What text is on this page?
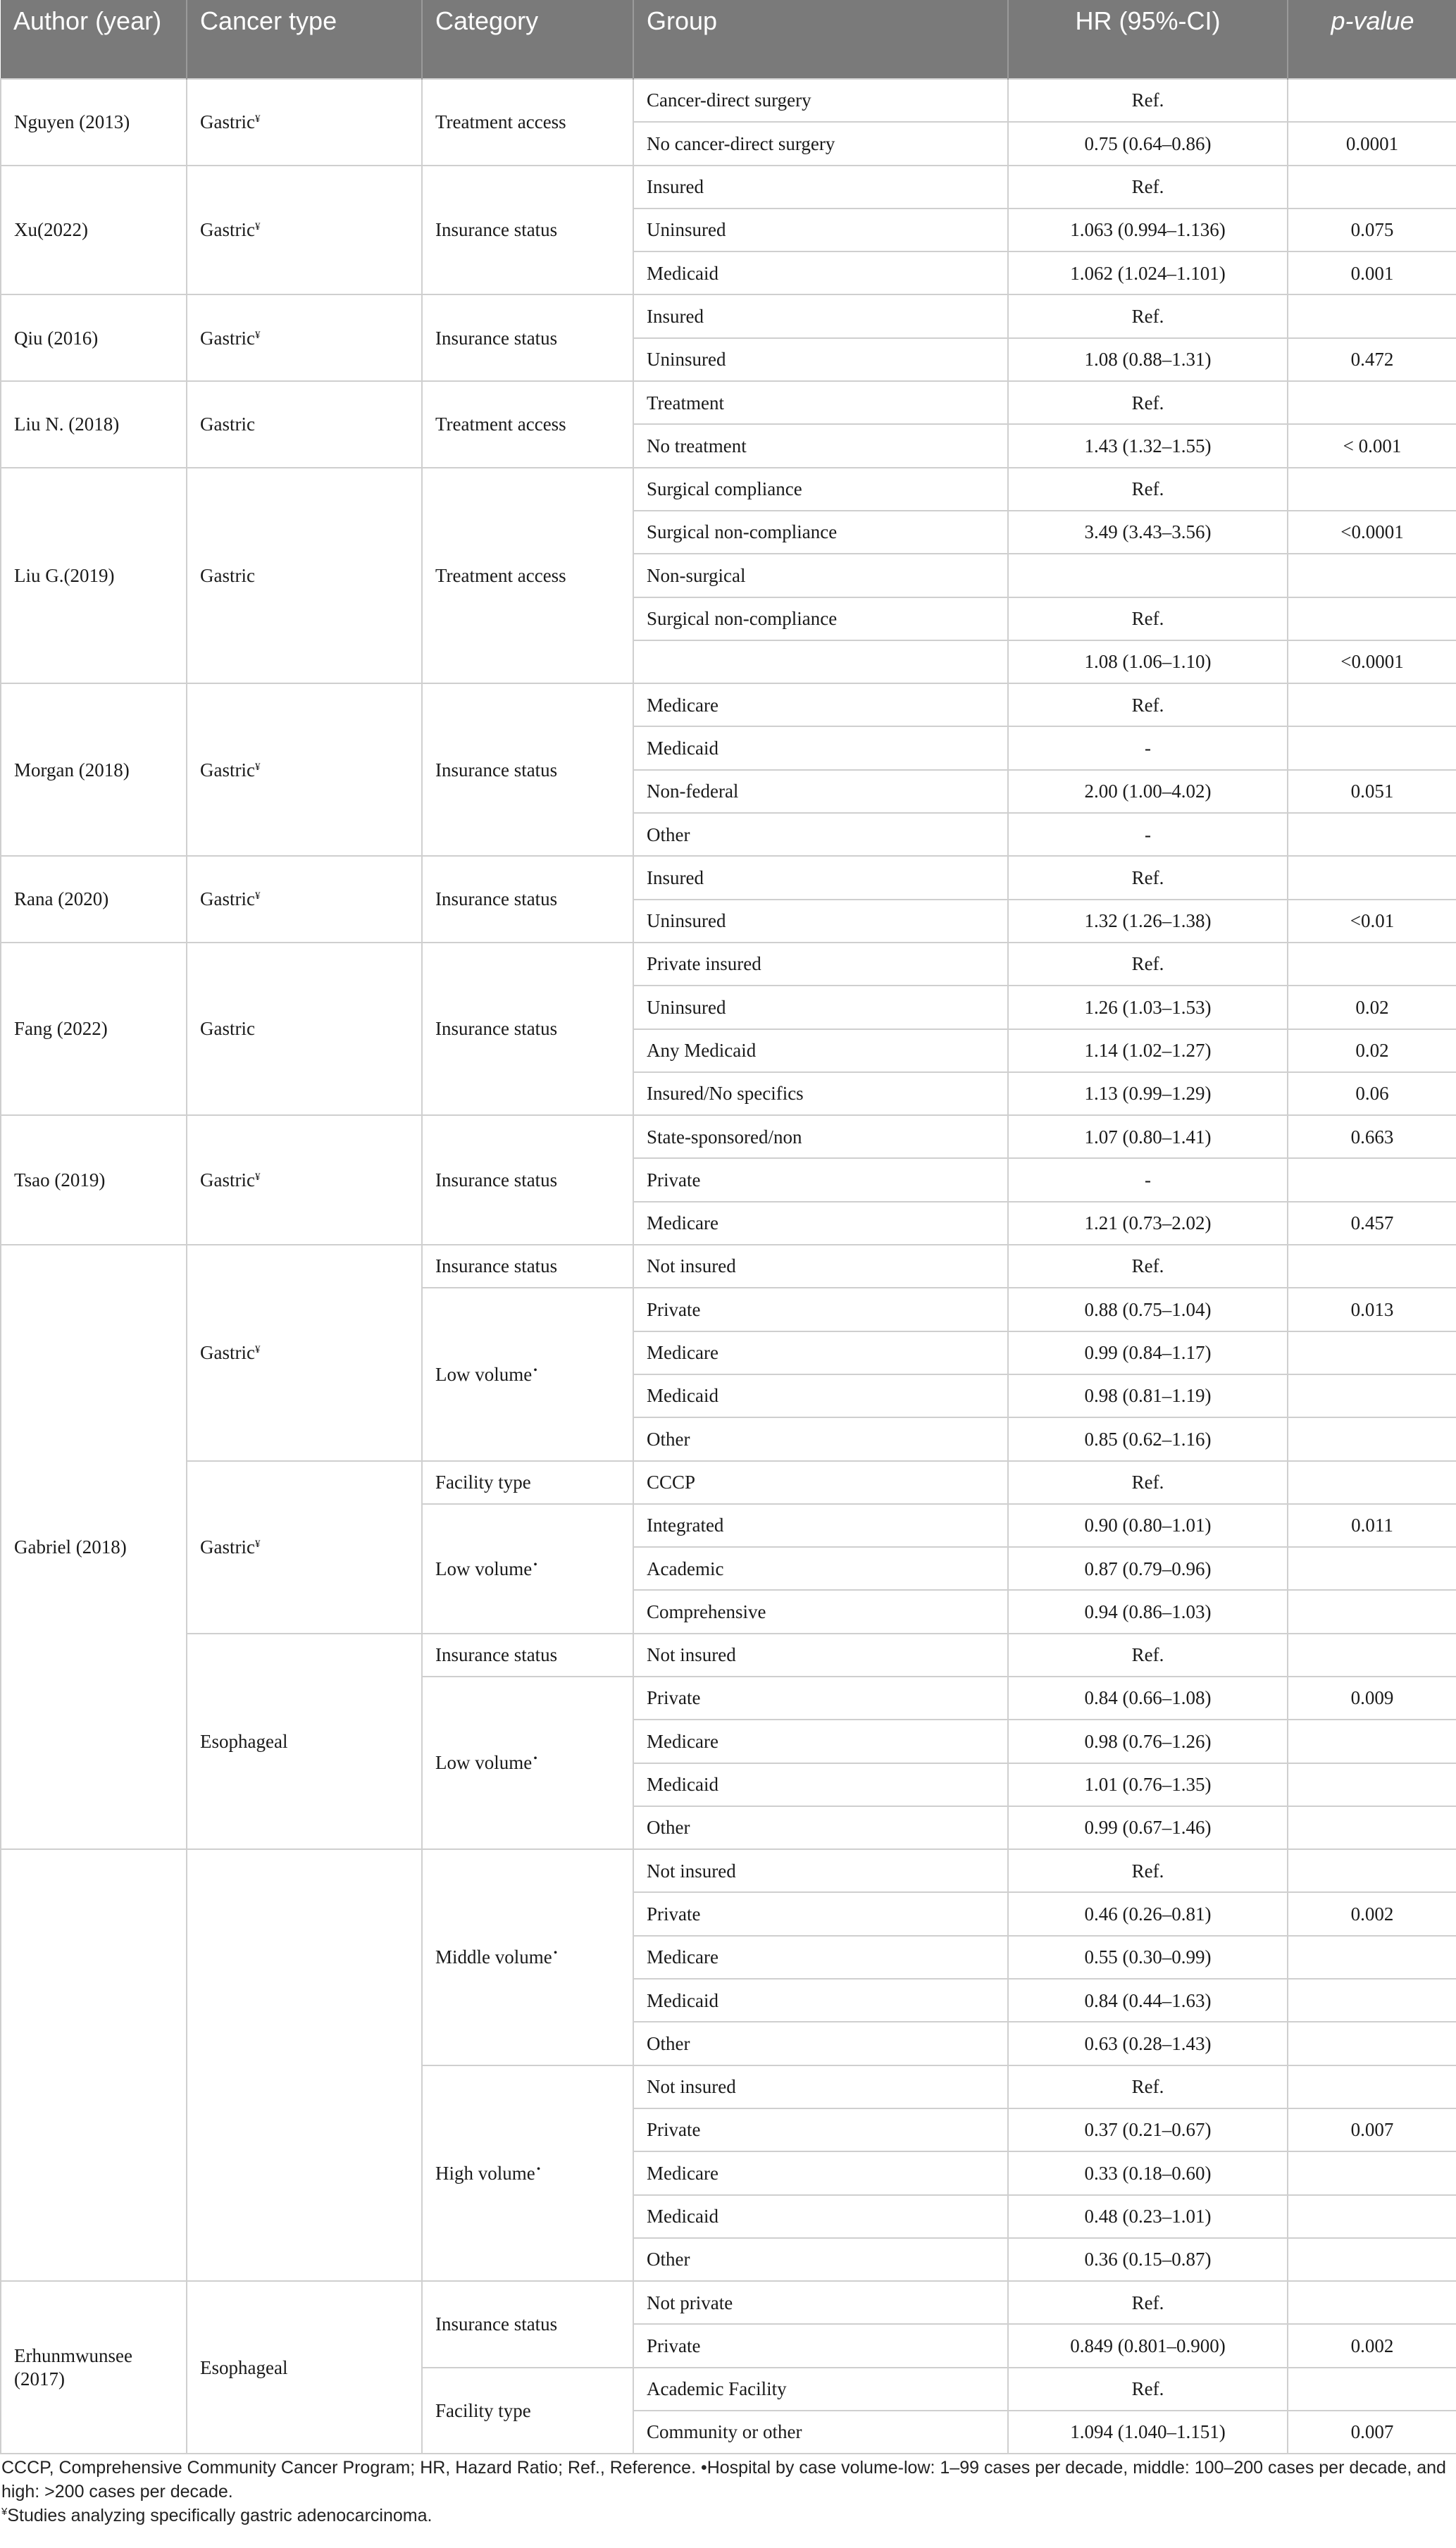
Author (year)	Cancer type	Category	Group	HR (95%-CI)	p-value
Nguyen (2013)	Gastric¥	Treatment access	Cancer-direct surgery	Ref.	
			No cancer-direct surgery	0.75 (0.64–0.86)	0.0001
Xu(2022)	Gastric¥	Insurance status	Insured	Ref.	
			Uninsured	1.063 (0.994–1.136)	0.075
			Medicaid	1.062 (1.024–1.101)	0.001
Qiu (2016)	Gastric¥	Insurance status	Insured	Ref.	
			Uninsured	1.08 (0.88–1.31)	0.472
Liu N. (2018)	Gastric	Treatment access	Treatment	Ref.	
			No treatment	1.43 (1.32–1.55)	< 0.001
Liu G.(2019)	Gastric	Treatment access	Surgical compliance	Ref.	
			Surgical non-compliance	3.49 (3.43–3.56)	<0.0001
			Non-surgical		
			Surgical non-compliance	Ref.	
				1.08 (1.06–1.10)	<0.0001
Morgan (2018)	Gastric¥	Insurance status	Medicare	Ref.	
			Medicaid	-	
			Non-federal	2.00 (1.00–4.02)	0.051
			Other	-	
Rana (2020)	Gastric¥	Insurance status	Insured	Ref.	
			Uninsured	1.32 (1.26–1.38)	<0.01
Fang (2022)	Gastric	Insurance status	Private insured	Ref.	
			Uninsured	1.26 (1.03–1.53)	0.02
			Any Medicaid	1.14 (1.02–1.27)	0.02
			Insured/No specifics	1.13 (0.99–1.29)	0.06
Tsao (2019)	Gastric¥	Insurance status	State-sponsored/non	1.07 (0.80–1.41)	0.663
			Private	-	
			Medicare	1.21 (0.73–2.02)	0.457
Gabriel (2018)	Gastric¥	Insurance status	Not insured	Ref.	
		Low volume •	Private	0.88 (0.75–1.04)	0.013
			Medicare	0.99 (0.84–1.17)	
			Medicaid	0.98 (0.81–1.19)	
			Other	0.85 (0.62–1.16)	
	Gastric¥	Facility type	CCCP	Ref.	
		Low volume •	Integrated	0.90 (0.80–1.01)	0.011
			Academic	0.87 (0.79–0.96)	
			Comprehensive	0.94 (0.86–1.03)	
	Esophageal	Insurance status	Not insured	Ref.	
		Low volume •	Private	0.84 (0.66–1.08)	0.009
			Medicare	0.98 (0.76–1.26)	
			Medicaid	1.01 (0.76–1.35)	
			Other	0.99 (0.67–1.46)	
		Middle volume •	Not insured	Ref.	
			Private	0.46 (0.26–0.81)	0.002
			Medicare	0.55 (0.30–0.99)	
			Medicaid	0.84 (0.44–1.63)	
			Other	0.63 (0.28–1.43)	
		High volume •	Not insured	Ref.	
			Private	0.37 (0.21–0.67)	0.007
			Medicare	0.33 (0.18–0.60)	
			Medicaid	0.48 (0.23–1.01)	
			Other	0.36 (0.15–0.87)	
Erhunmwunsee (2017)	Esophageal	Insurance status	Not private	Ref.	
			Private	0.849 (0.801–0.900)	0.002
		Facility type	Academic Facility	Ref.	
			Community or other	1.094 (1.040–1.151)	0.007

CCCP, Comprehensive Community Cancer Program; HR, Hazard Ratio; Ref., Reference. •Hospital by case volume-low: 1–99 cases per decade, middle: 100–200 cases per decade, and high: >200 cases per decade.

¥Studies analyzing specifically gastric adenocarcinoma.
